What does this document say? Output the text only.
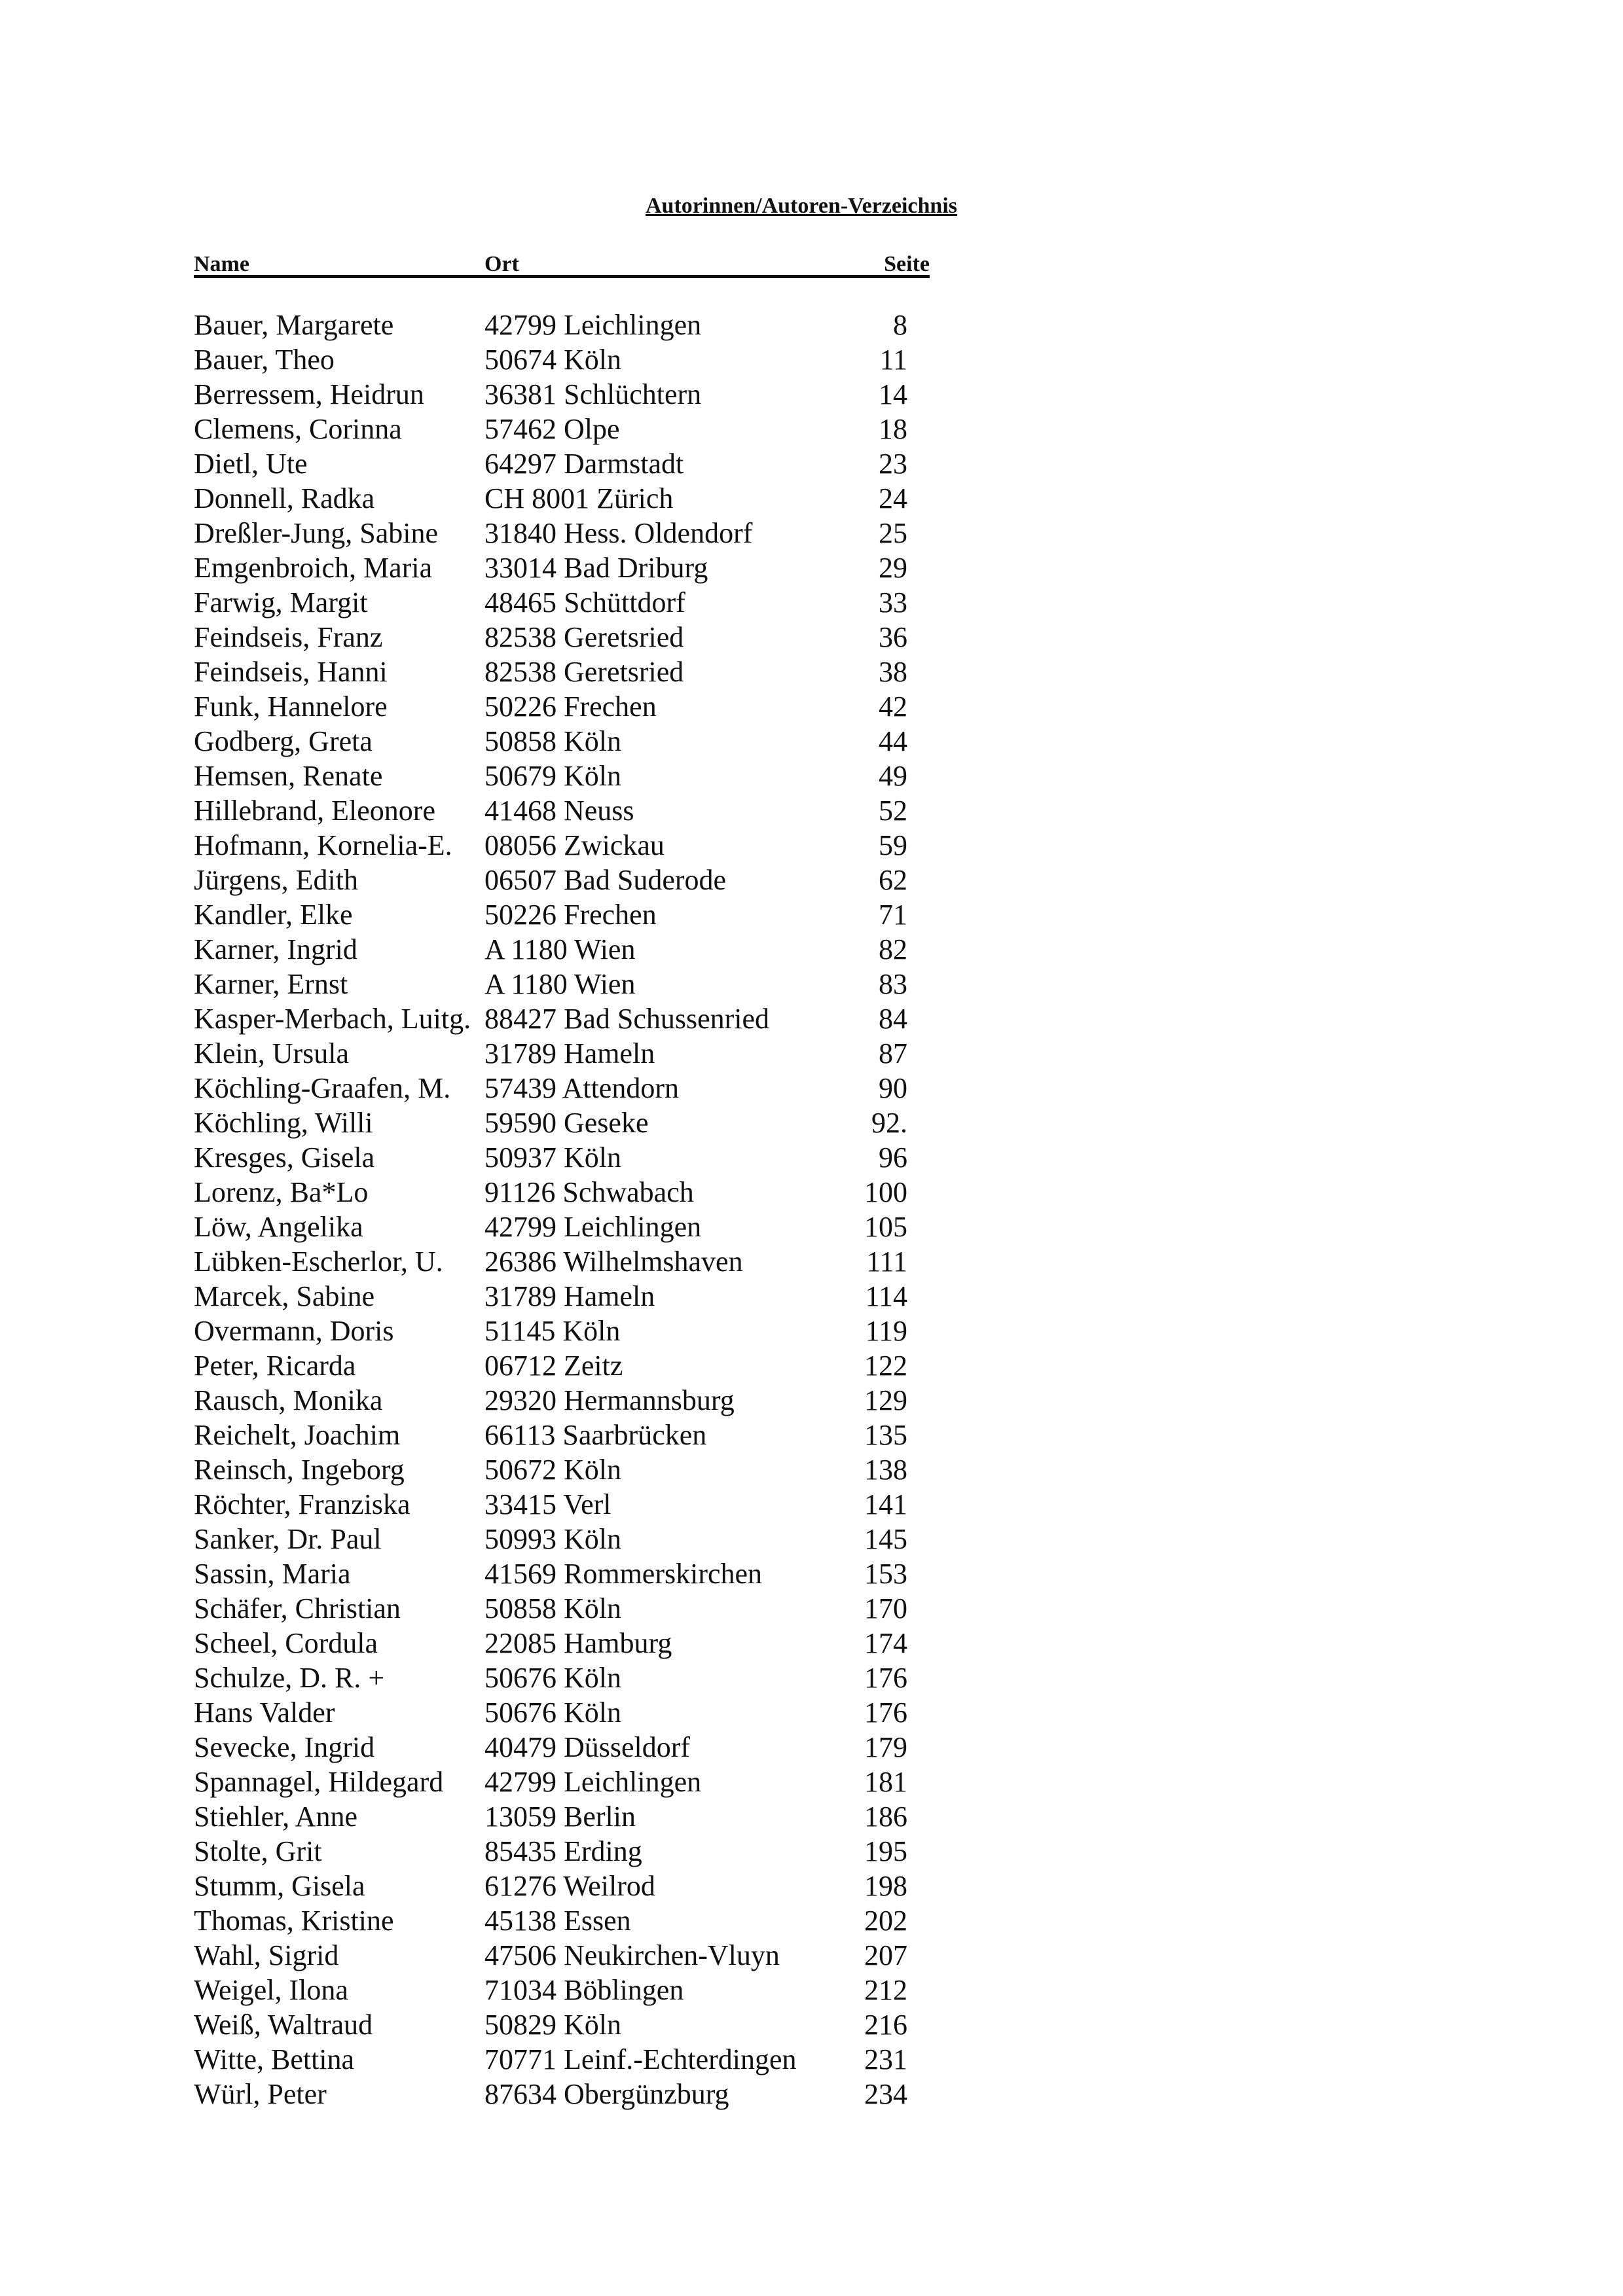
Autorinnen/Autoren-Verzeichnis
Name	Ort	Seite
Bauer, Margarete	42799 Leichlingen	8
Bauer, Theo	50674 Köln	11
Berressem, Heidrun 36381 Schlüchtern	14
Clemens, Corinna	57462 Olpe	18
Dietl, Ute	64297 Darmstadt	23
Donnell, Radka	CH 8001 Zürich	24
Dreßler-Jung, Sabine 31840 Hess. Oldendorf	25
Emgenbroich, Maria 33014 Bad Driburg	29
Farwig, Margit	48465 Schüttdorf	33
Feindseis, Franz	82538 Geretsried	36
Feindseis, Hanni	82538 Geretsried	38
Funk, Hannelore	50226 Frechen	42
Godberg, Greta	50858 Köln	44
Hemsen, Renate	50679 Köln	49
Hillebrand, Eleonore 41468 Neuss	52
Hofmann, Kornelia-E. 08056 Zwickau	59
Jürgens, Edith	06507 Bad Suderode	62
Kandler, Elke	50226 Frechen	71
Karner, Ingrid	A 1180 Wien	82
Karner, Ernst	A 1180 Wien	83
Kasper-Merbach, Luitg. 88427 Bad Schussenried	84
Klein, Ursula	31789 Hameln	87
Köchling-Graafen, M. 57439 Attendorn	90
Köchling, Willi	59590 Geseke	92.
Kresges, Gisela	50937 Köln	96
Lorenz, Ba*Lo	91126 Schwabach	100
Löw, Angelika	42799 Leichlingen	105
Lübken-Escherlor, U. 26386 Wilhelmshaven	111
Marcek, Sabine	31789 Hameln	114
Overmann, Doris	51145 Köln	119
Peter, Ricarda	06712 Zeitz	122
Rausch, Monika	29320 Hermannsburg	129
Reichelt, Joachim	66113 Saarbrücken	135
Reinsch, Ingeborg	50672 Köln	138
Röchter, Franziska	33415 Verl	141
Sanker, Dr. Paul	50993 Köln	145
Sassin, Maria	41569 Rommerskirchen	153
Schäfer, Christian	50858 Köln	170
Scheel, Cordula	22085 Hamburg	174
Schulze, D. R. +	50676 Köln	176
Hans Valder	50676 Köln	176
Sevecke, Ingrid	40479 Düsseldorf	179
Spannagel, Hildegard 42799 Leichlingen	181
Stiehler, Anne	13059 Berlin	186
Stolte, Grit	85435 Erding	195
Stumm, Gisela	61276 Weilrod	198
Thomas, Kristine	45138 Essen	202
Wahl, Sigrid	47506 Neukirchen-Vluyn	207
Weigel, Ilona	71034 Böblingen	212
Weiß, Waltraud	50829 Köln	216
Witte, Bettina	70771 Leinf.-Echterdingen 231
Würl, Peter	87634 Obergünzburg	234
